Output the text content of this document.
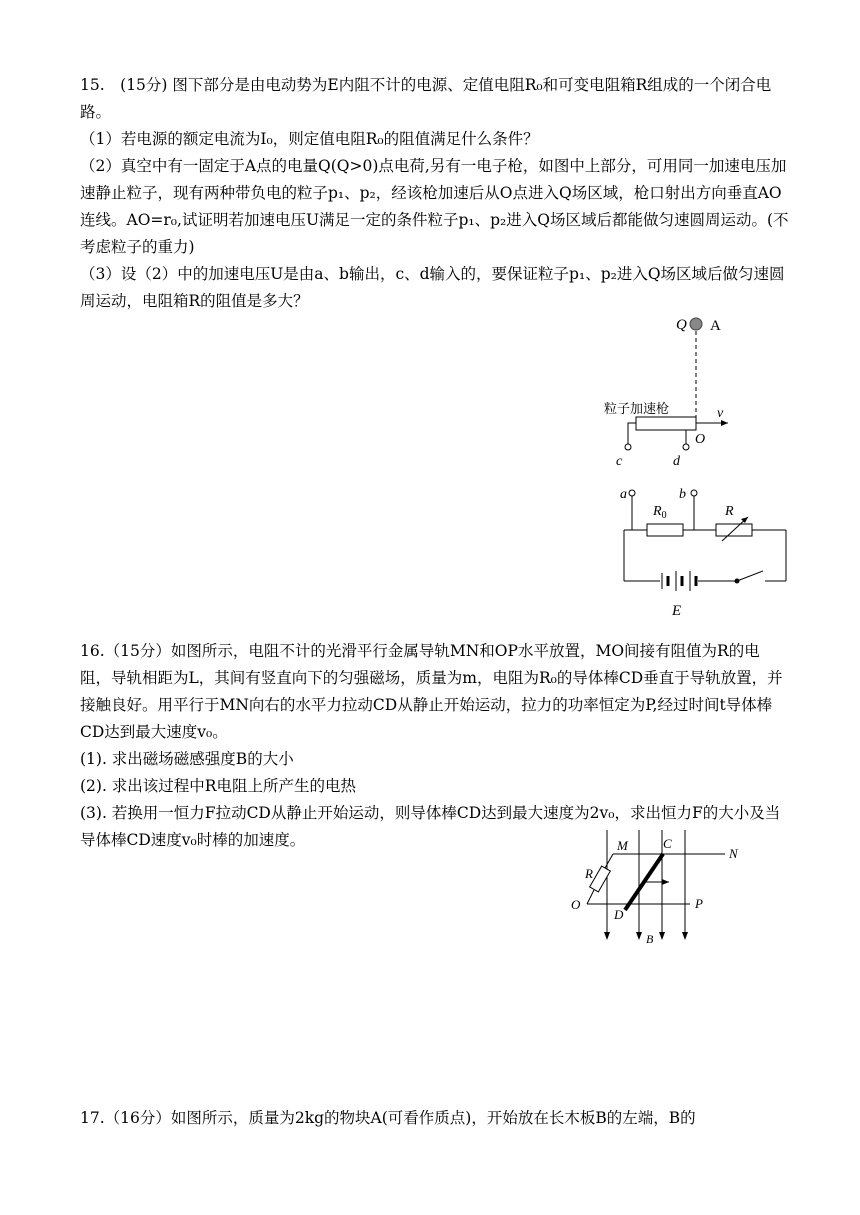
15.　(15分) 图下部分是由电动势为E内阻不计的电源、定值电阻R₀和可变电阻箱R组成的一个闭合电路。

（1）若电源的额定电流为I₀，则定值电阻R₀的阻值满足什么条件？

（2）真空中有一固定于A点的电量Q(Q>0)点电荷,另有一电子枪，如图中上部分，可用同一加速电压加速静止粒子，现有两种带负电的粒子p₁、p₂，经该枪加速后从O点进入Q场区域，枪口射出方向垂直AO连线。AO=r₀,试证明若加速电压U满足一定的条件粒子p₁、p₂进入Q场区域后都能做匀速圆周运动。(不考虑粒子的重力)

（3）设（2）中的加速电压U是由a、b输出，c、d输入的，要保证粒子p₁、p₂进入Q场区域后做匀速圆周运动，电阻箱R的阻值是多大？

Q A
粒子加速枪	v
O
c	d
a	b
$R_0$	R
E

16.（15分）如图所示，电阻不计的光滑平行金属导轨MN和OP水平放置，MO间接有阻值为R的电阻，导轨相距为L，其间有竖直向下的匀强磁场，质量为m，电阻为R₀的导体棒CD垂直于导轨放置，并接触良好。用平行于MN向右的水平力拉动CD从静止开始运动，拉力的功率恒定为P,经过时间t导体棒CD达到最大速度v₀。

(1). 求出磁场磁感强度B的大小

(2). 求出该过程中R电阻上所产生的电热

(3). 若换用一恒力F拉动CD从静止开始运动，则导体棒CD达到最大速度为2v₀，求出恒力F的大小及当导体棒CD速度v₀时棒的加速度。	M	C
N
R
O
D
P
B

17.（16分）如图所示，质量为2kg的物块A(可看作质点)，开始放在长木板B的左端，B的
